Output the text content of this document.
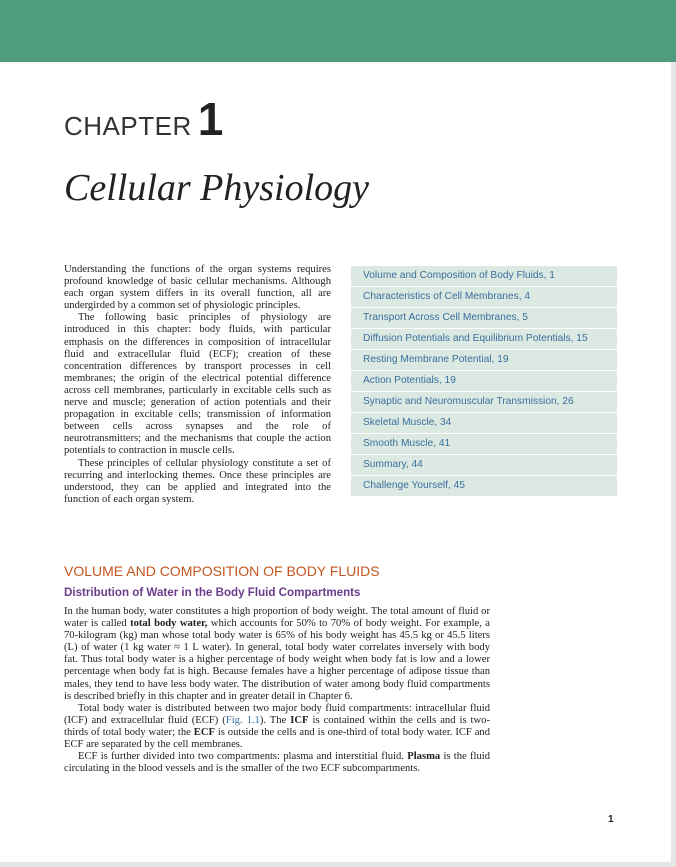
CHAPTER 1
Cellular Physiology

Understanding the functions of the organ systems requires profound knowledge of basic cellular mechanisms. Although each organ system differs in its overall function, all are undergirded by a common set of physiologic principles.

The following basic principles of physiology are introduced in this chapter: body fluids, with particular emphasis on the differences in composition of intracellular fluid and extracellular fluid (ECF); creation of these concentration differences by transport processes in cell membranes; the origin of the electrical potential difference across cell membranes, particularly in excitable cells such as nerve and muscle; generation of action potentials and their propagation in excitable cells; transmission of information between cells across synapses and the role of neurotransmitters; and the mechanisms that couple the action potentials to contraction in muscle cells.

These principles of cellular physiology constitute a set of recurring and interlocking themes. Once these principles are understood, they can be applied and integrated into the function of each organ system.

Volume and Composition of Body Fluids, 1
Characteristics of Cell Membranes, 4
Transport Across Cell Membranes, 5
Diffusion Potentials and Equilibrium Potentials, 15
Resting Membrane Potential, 19
Action Potentials, 19
Synaptic and Neuromuscular Transmission, 26
Skeletal Muscle, 34
Smooth Muscle, 41
Summary, 44
Challenge Yourself, 45
VOLUME AND COMPOSITION OF BODY FLUIDS
Distribution of Water in the Body Fluid Compartments

In the human body, water constitutes a high proportion of body weight. The total amount of fluid or water is called total body water, which accounts for 50% to 70% of body weight. For example, a 70-kilogram (kg) man whose total body water is 65% of his body weight has 45.5 kg or 45.5 liters (L) of water (1 kg water ≈ 1 L water). In general, total body water correlates inversely with body fat. Thus total body water is a higher percentage of body weight when body fat is low and a lower percentage when body fat is high. Because females have a higher percentage of adipose tissue than males, they tend to have less body water. The distribution of water among body fluid compartments is described briefly in this chapter and in greater detail in Chapter 6.

Total body water is distributed between two major body fluid compartments: intracellular fluid (ICF) and extracellular fluid (ECF) (Fig. 1.1). The ICF is contained within the cells and is two-thirds of total body water; the ECF is outside the cells and is one-third of total body water. ICF and ECF are separated by the cell membranes.

ECF is further divided into two compartments: plasma and interstitial fluid. Plasma is the fluid circulating in the blood vessels and is the smaller of the two ECF subcompartments.

1
